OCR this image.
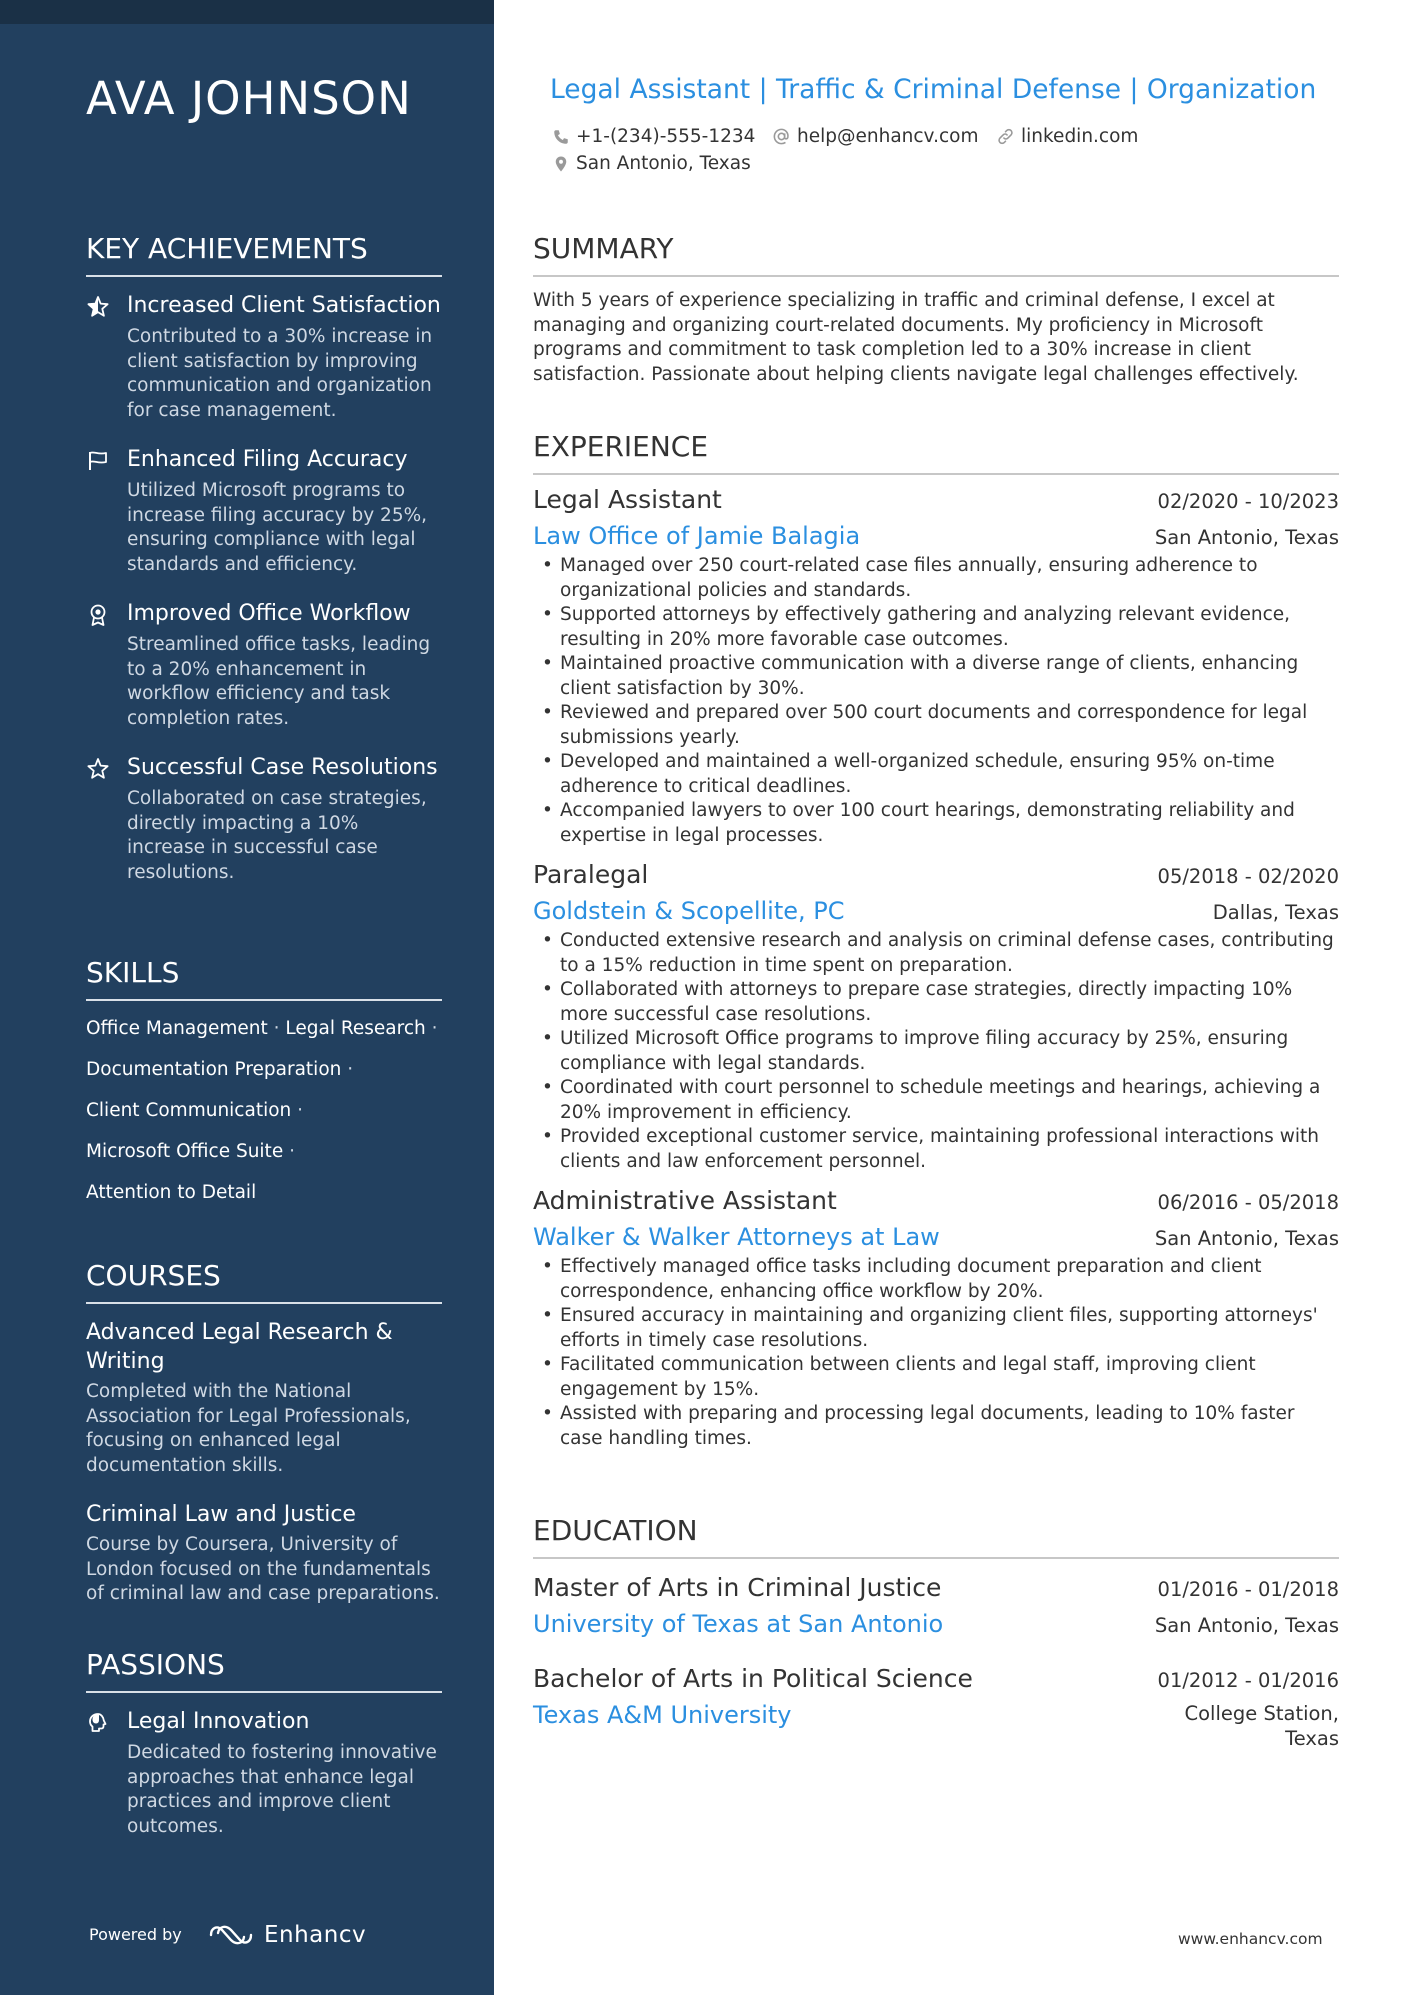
AVA JOHNSON
KEY ACHIEVEMENTS
Increased Client Satisfaction
Contributed to a 30% increase in client satisfaction by improving communication and organization for case management.
Enhanced Filing Accuracy
Utilized Microsoft programs to increase filing accuracy by 25%, ensuring compliance with legal standards and efficiency.
Improved Office Workflow
Streamlined office tasks, leading to a 20% enhancement in workflow efficiency and task completion rates.
Successful Case Resolutions
Collaborated on case strategies, directly impacting a 10% increase in successful case resolutions.
SKILLS
Office Management · Legal Research ·
Documentation Preparation ·
Client Communication ·
Microsoft Office Suite ·
Attention to Detail
COURSES
Advanced Legal Research & Writing
Completed with the National Association for Legal Professionals, focusing on enhanced legal documentation skills.
Criminal Law and Justice
Course by Coursera, University of London focused on the fundamentals of criminal law and case preparations.
PASSIONS
Legal Innovation
Dedicated to fostering innovative approaches that enhance legal practices and improve client outcomes.
Powered by	Enhancv
Legal Assistant | Traffic & Criminal Defense | Organization
+1-(234)-555-1234 help@enhancv.com linkedin.com
San Antonio, Texas
SUMMARY
With 5 years of experience specializing in traffic and criminal defense, I excel at managing and organizing court-related documents. My proficiency in Microsoft programs and commitment to task completion led to a 30% increase in client satisfaction. Passionate about helping clients navigate legal challenges effectively.
EXPERIENCE
Legal Assistant	02/2020 - 10/2023
Law Office of Jamie Balagia	San Antonio, Texas
• Managed over 250 court-related case files annually, ensuring adherence to organizational policies and standards.
• Supported attorneys by effectively gathering and analyzing relevant evidence, resulting in 20% more favorable case outcomes.
• Maintained proactive communication with a diverse range of clients, enhancing client satisfaction by 30%.
• Reviewed and prepared over 500 court documents and correspondence for legal submissions yearly.
• Developed and maintained a well-organized schedule, ensuring 95% on-time adherence to critical deadlines.
• Accompanied lawyers to over 100 court hearings, demonstrating reliability and expertise in legal processes.
Paralegal	05/2018 - 02/2020
Goldstein & Scopellite, PC	Dallas, Texas
• Conducted extensive research and analysis on criminal defense cases, contributing to a 15% reduction in time spent on preparation.
• Collaborated with attorneys to prepare case strategies, directly impacting 10% more successful case resolutions.
• Utilized Microsoft Office programs to improve filing accuracy by 25%, ensuring compliance with legal standards.
• Coordinated with court personnel to schedule meetings and hearings, achieving a 20% improvement in efficiency.
• Provided exceptional customer service, maintaining professional interactions with clients and law enforcement personnel.
Administrative Assistant	06/2016 - 05/2018
Walker & Walker Attorneys at Law	San Antonio, Texas
• Effectively managed office tasks including document preparation and client correspondence, enhancing office workflow by 20%.
• Ensured accuracy in maintaining and organizing client files, supporting attorneys' efforts in timely case resolutions.
• Facilitated communication between clients and legal staff, improving client engagement by 15%.
• Assisted with preparing and processing legal documents, leading to 10% faster case handling times.
EDUCATION
Master of Arts in Criminal Justice	01/2016 - 01/2018
University of Texas at San Antonio	San Antonio, Texas
Bachelor of Arts in Political Science	01/2012 - 01/2016
Texas A&M University	College Station, Texas
www.enhancv.com
